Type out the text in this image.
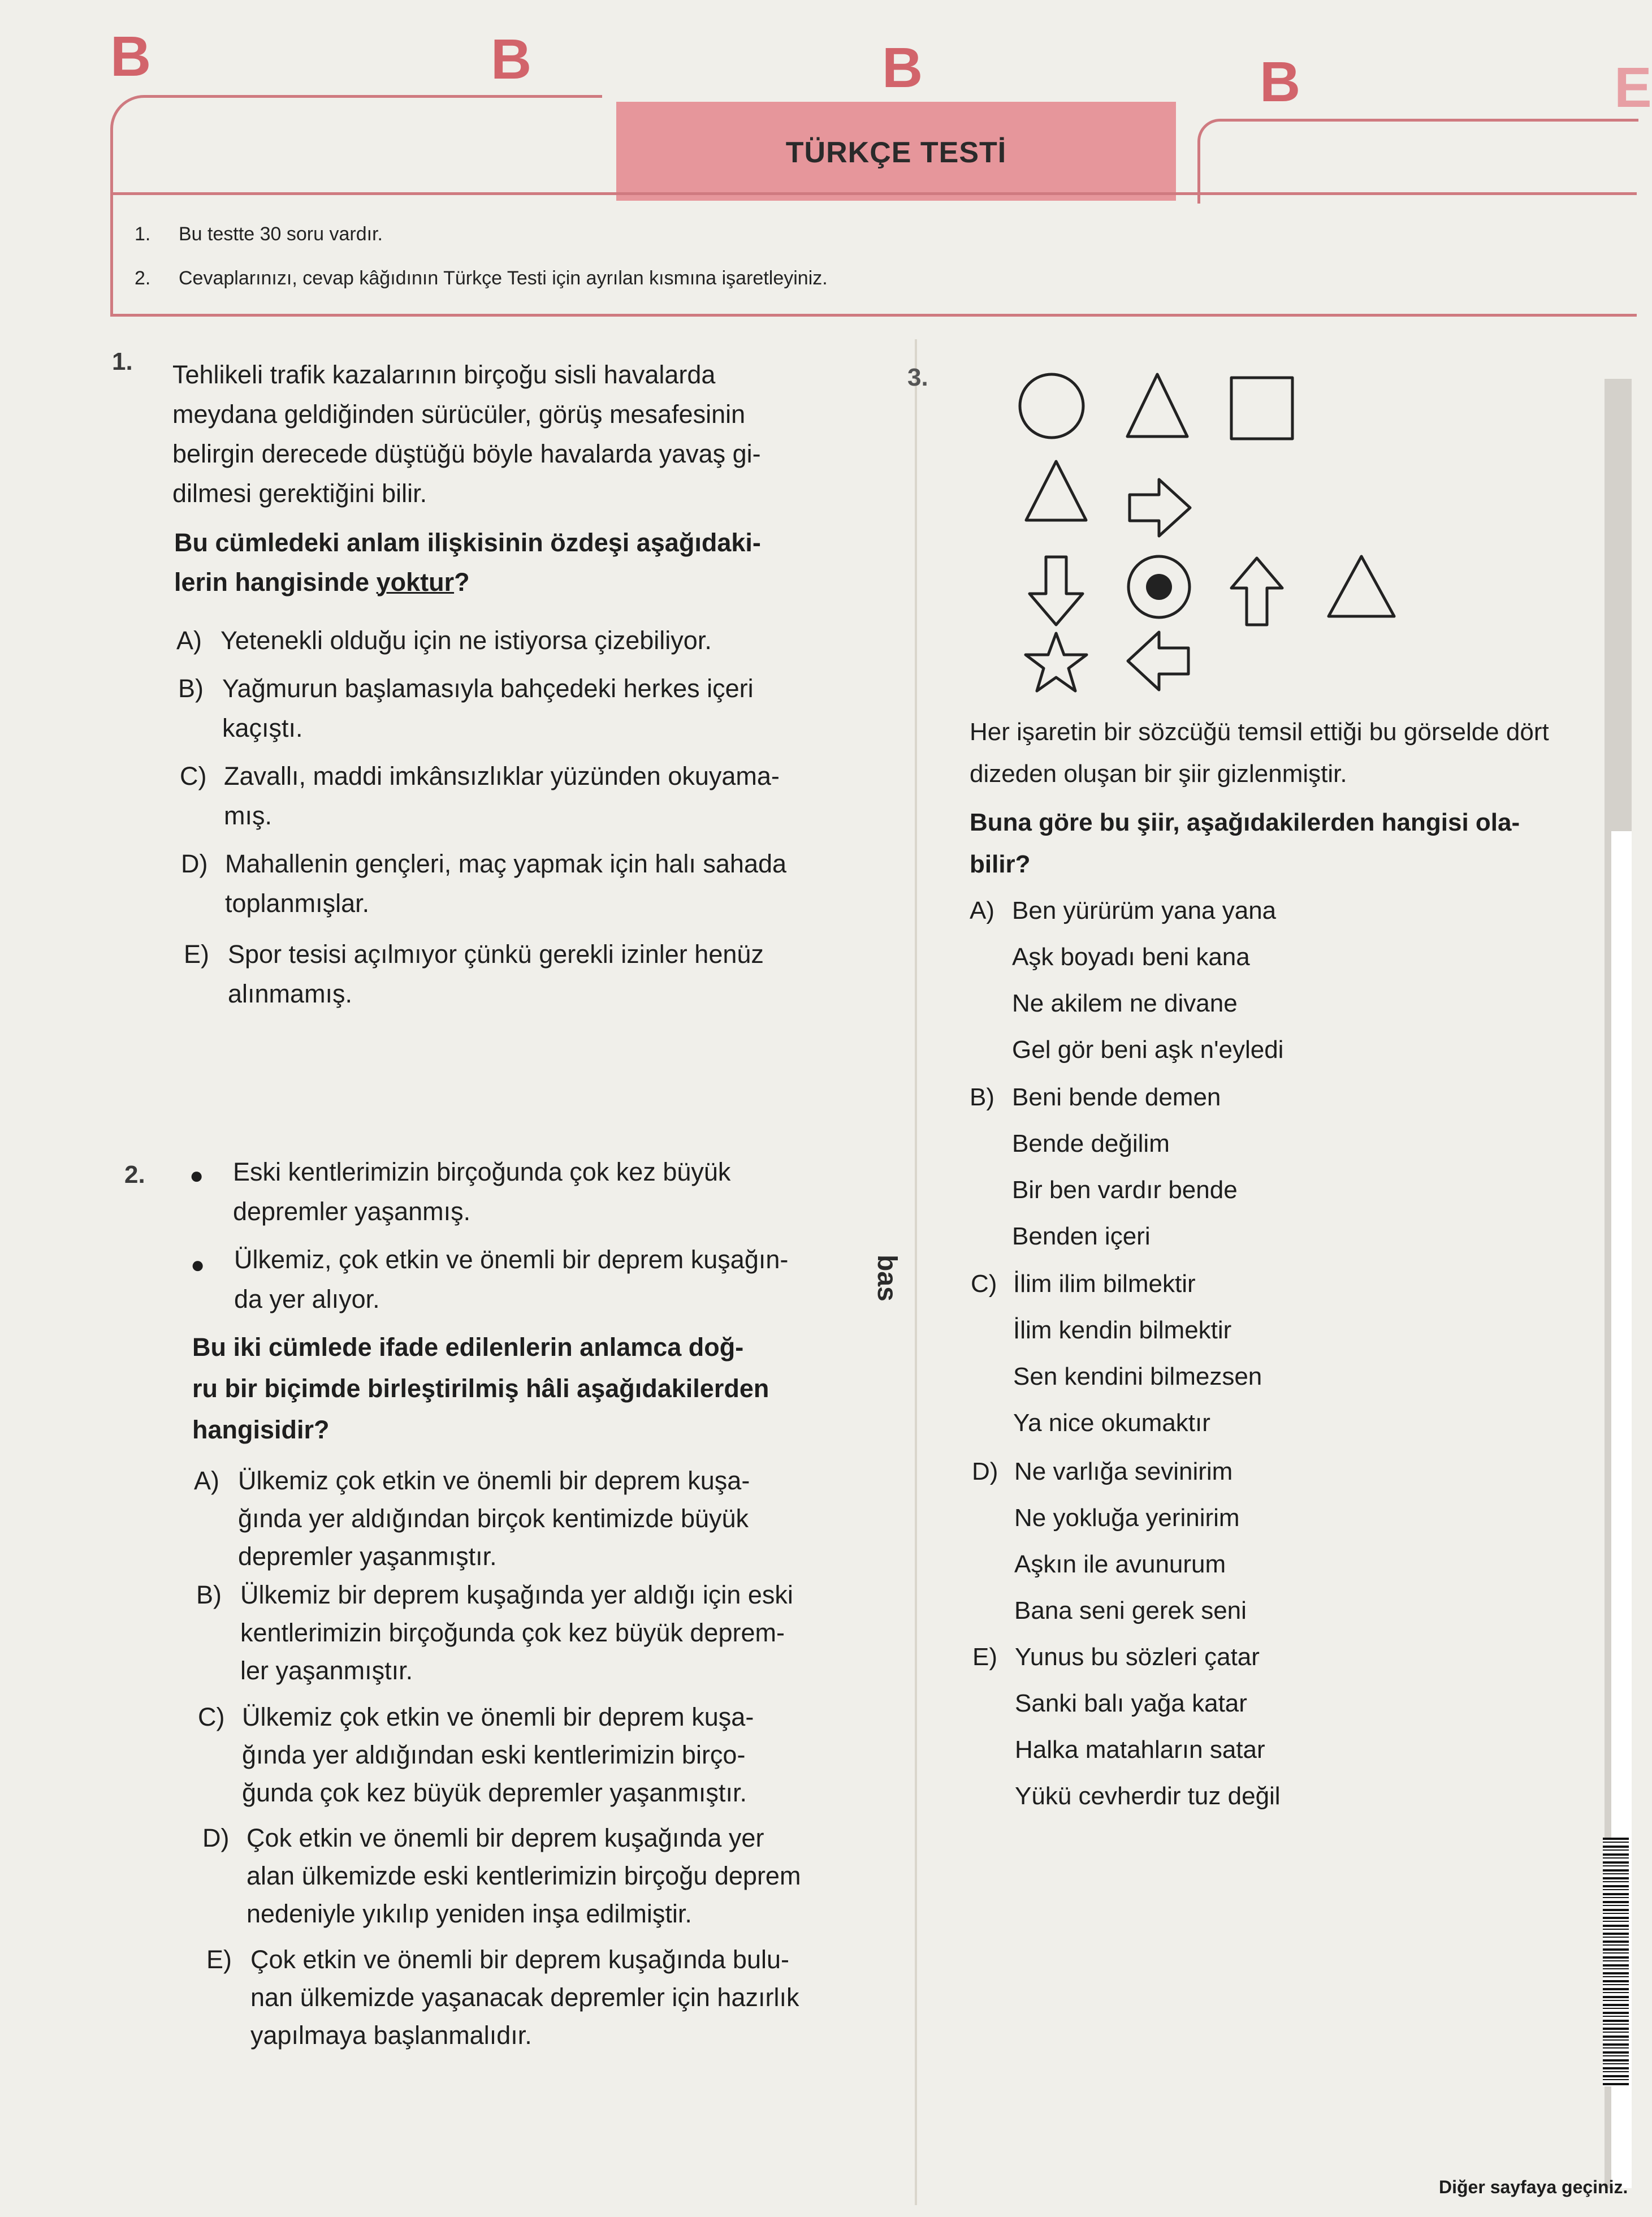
B	B	B	B	E
TÜRKÇE TESTİ
1. Bu testte 30 soru vardır.
2. Cevaplarınızı, cevap kâğıdının Türkçe Testi için ayrılan kısmına işaretleyiniz.
1. Tehlikeli trafik kazalarının birçoğu sisli havalarda
meydana geldiğinden sürücüler, görüş mesafesinin
belirgin derecede düştüğü böyle havalarda yavaş gi-
dilmesi gerektiğini bilir.
Bu cümledeki anlam ilişkisinin özdeşi aşağıdaki-
lerin hangisinde yoktur?
A) Yetenekli olduğu için ne istiyorsa çizebiliyor.
B) Yağmurun başlamasıyla bahçedeki herkes içeri
kaçıştı.
C) Zavallı, maddi imkânsızlıklar yüzünden okuyama-
mış.
D) Mahallenin gençleri, maç yapmak için halı sahada
toplanmışlar.
E) Spor tesisi açılmıyor çünkü gerekli izinler henüz
alınmamış.
2. ● Eski kentlerimizin birçoğunda çok kez büyük
depremler yaşanmış.
● Ülkemiz, çok etkin ve önemli bir deprem kuşağın-
da yer alıyor.
Bu iki cümlede ifade edilenlerin anlamca doğ-
ru bir biçimde birleştirilmiş hâli aşağıdakilerden
hangisidir?
A) Ülkemiz çok etkin ve önemli bir deprem kuşa-
ğında yer aldığından birçok kentimizde büyük
depremler yaşanmıştır.
B) Ülkemiz bir deprem kuşağında yer aldığı için eski
kentlerimizin birçoğunda çok kez büyük deprem-
ler yaşanmıştır.
C) Ülkemiz çok etkin ve önemli bir deprem kuşa-
ğında yer aldığından eski kentlerimizin birço-
ğunda çok kez büyük depremler yaşanmıştır.
D) Çok etkin ve önemli bir deprem kuşağında yer
alan ülkemizde eski kentlerimizin birçoğu deprem
nedeniyle yıkılıp yeniden inşa edilmiştir.
E) Çok etkin ve önemli bir deprem kuşağında bulu-
nan ülkemizde yaşanacak depremler için hazırlık
yapılmaya başlanmalıdır.
bas
3.
Her işaretin bir sözcüğü temsil ettiği bu görselde dört
dizeden oluşan bir şiir gizlenmiştir.
Buna göre bu şiir, aşağıdakilerden hangisi ola-
bilir?
A) Ben yürürüm yana yana
Aşk boyadı beni kana
Ne akilem ne divane
Gel gör beni aşk n'eyledi
B) Beni bende demen
Bende değilim
Bir ben vardır bende
Benden içeri
C) İlim ilim bilmektir
İlim kendin bilmektir
Sen kendini bilmezsen
Ya nice okumaktır
D) Ne varlığa sevinirim
Ne yokluğa yerinirim
Aşkın ile avunurum
Bana seni gerek seni
E) Yunus bu sözleri çatar
Sanki balı yağa katar
Halka matahların satar
Yükü cevherdir tuz değil
Diğer sayfaya geçiniz.
